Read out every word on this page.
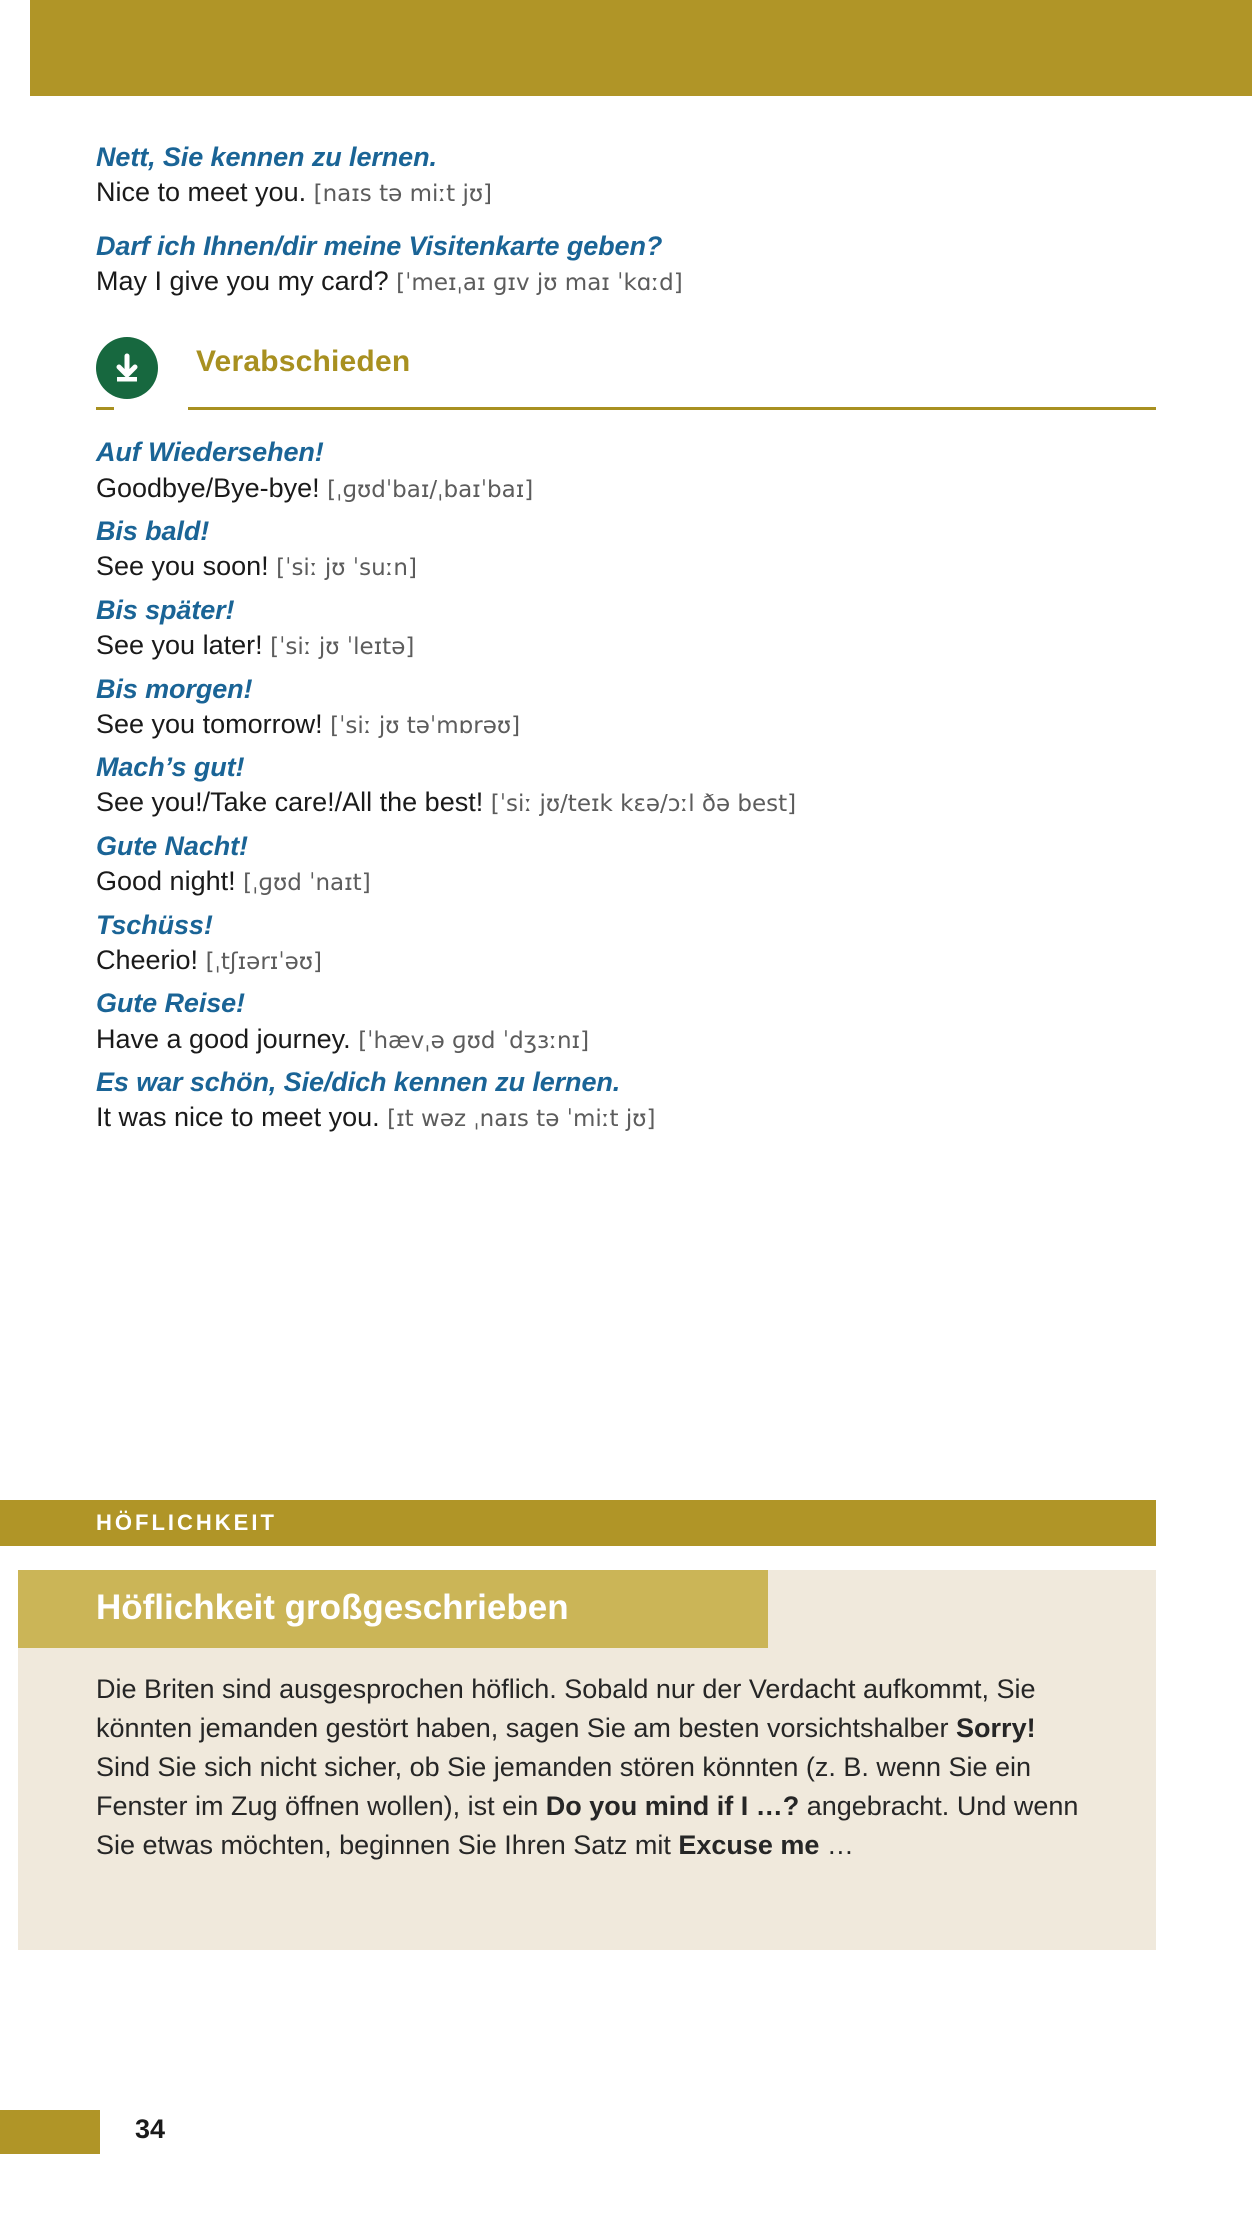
Nett, Sie kennen zu lernen.
Nice to meet you. [naɪs tə miːt jʊ]
Darf ich Ihnen/dir meine Visitenkarte geben?
May I give you my card? [ˈmeɪˌaɪ ɡɪv jʊ maɪ ˈkɑːd]
Verabschieden
Auf Wiedersehen!
Goodbye/Bye-bye! [ˌɡʊdˈbaɪ/ˌbaɪˈbaɪ]
Bis bald!
See you soon! [ˈsiː jʊ ˈsuːn]
Bis später!
See you later! [ˈsiː jʊ ˈleɪtə]
Bis morgen!
See you tomorrow! [ˈsiː jʊ təˈmɒrəʊ]
Mach’s gut!
See you!/Take care!/All the best! [ˈsiː jʊ/teɪk kɛə/ɔːl ðə best]
Gute Nacht!
Good night! [ˌɡʊd ˈnaɪt]
Tschüss!
Cheerio! [ˌtʃɪərɪˈəʊ]
Gute Reise!
Have a good journey. [ˈhævˌə ɡʊd ˈdʒɜːnɪ]
Es war schön, Sie/dich kennen zu lernen.
It was nice to meet you. [ɪt wəz ˌnaɪs tə ˈmiːt jʊ]
HÖFLICHKEIT
Höflichkeit großgeschrieben
Die Briten sind ausgesprochen höflich. Sobald nur der Verdacht aufkommt, Sie könnten jemanden gestört haben, sagen Sie am besten vorsichtshalber Sorry! Sind Sie sich nicht sicher, ob Sie jemanden stören könnten (z. B. wenn Sie ein Fenster im Zug öffnen wollen), ist ein Do you mind if I …? angebracht. Und wenn Sie etwas möchten, beginnen Sie Ihren Satz mit Excuse me …
34
